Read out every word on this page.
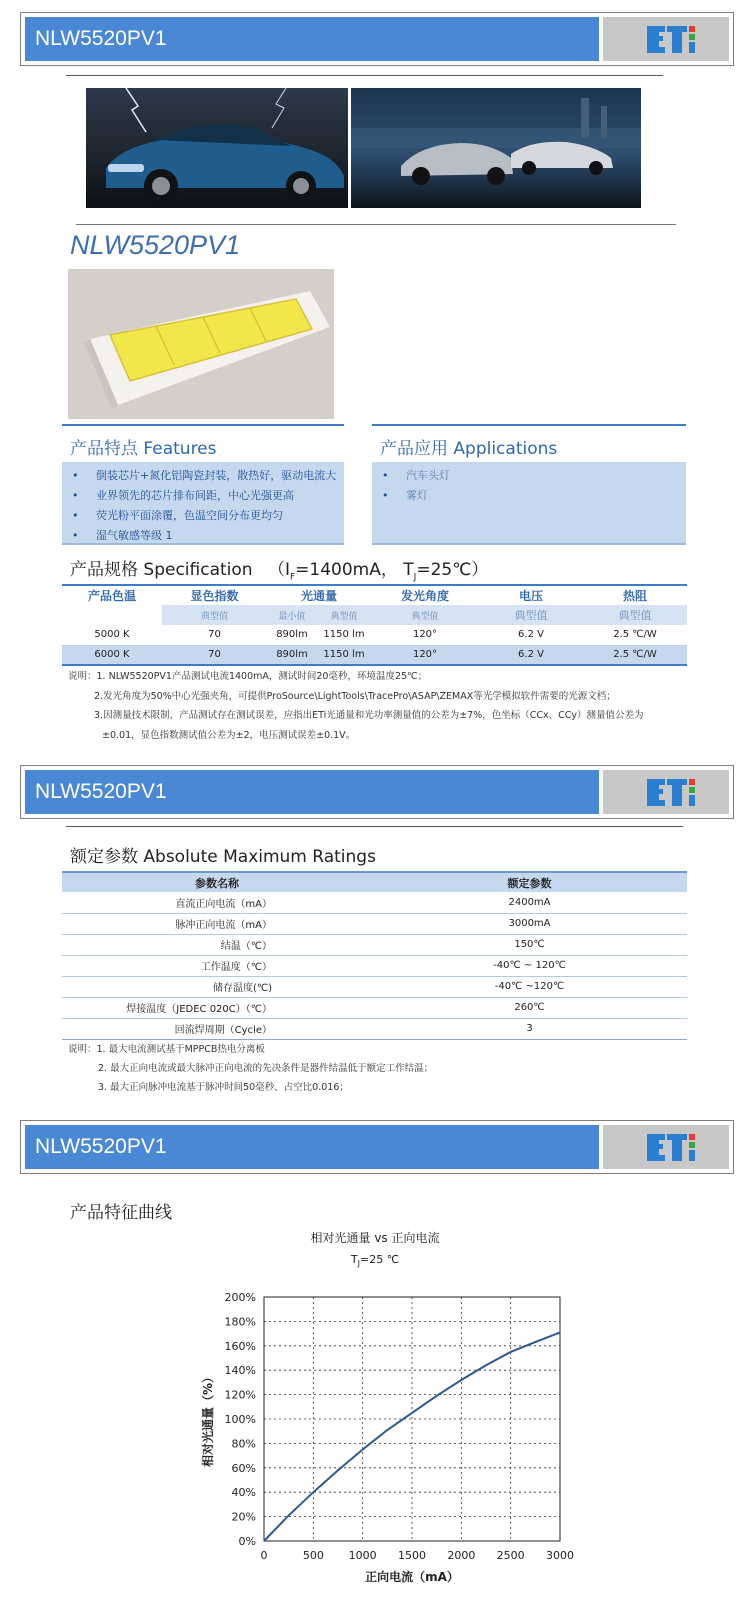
NLW5520PV1
NLW5520PV1
产品特点 Features	产品应用 Applications
• 倒装芯片+氮化铝陶瓷封装，散热好，驱动电流大
• 业界领先的芯片排布间距，中心光强更高
• 荧光粉平面涂覆，色温空间分布更均匀
• 湿气敏感等级 1
• 汽车头灯
• 雾灯
产品规格 Specification （$I_F=1400mA$， $T_J=25℃$）
产品色温	显色指数	光通量		发光角度	电压	热阻
	典型值	最小值	典型值	典型值	典型值	典型值
5000 K	70	890lm	1150 lm	120°	6.2 V	2.5 ℃/W
6000 K	70	890lm	1150 lm	120°	6.2 V	2.5 ℃/W
说明：1. NLW5520PV1产品测试电流1400mA，测试时间20毫秒，环境温度25℃；
2.发光角度为50%中心光强夹角，可提供ProSource\LightTools\TracePro\ASAP\ZEMAX等光学模拟软件需要的光源文档；
3.因测量技术限制，产品测试存在测试误差，应指出ETi光通量和光功率测量值的公差为±7%，色坐标（CCx、CCy）测量值公差为
±0.01，显色指数测试值公差为±2，电压测试误差±0.1V。
NLW5520PV1
额定参数 Absolute Maximum Ratings
参数名称	额定参数
直流正向电流（mA）	2400mA
脉冲正向电流（mA）	3000mA
结温（℃）	150℃
工作温度（℃）	-40℃ ~ 120℃
储存温度(℃)	-40℃ ~120℃
焊接温度（JEDEC 020C）（℃）	260℃
回流焊周期（Cycle）	3
说明：1. 最大电流测试基于MPPCB热电分离板
2. 最大正向电流或最大脉冲正向电流的先决条件是器件结温低于额定工作结温；
3. 最大正向脉冲电流基于脉冲时间50毫秒、占空比0.016；
NLW5520PV1
产品特征曲线
相对光通量 vs 正向电流
$T_J=25$ ℃
0	500 1000 1500 2000 2500 3000
0%
20%
40%
60%
80%
100%
120%
140%
160%
180%
200%
正向电流（mA）
相对光通量（%）
